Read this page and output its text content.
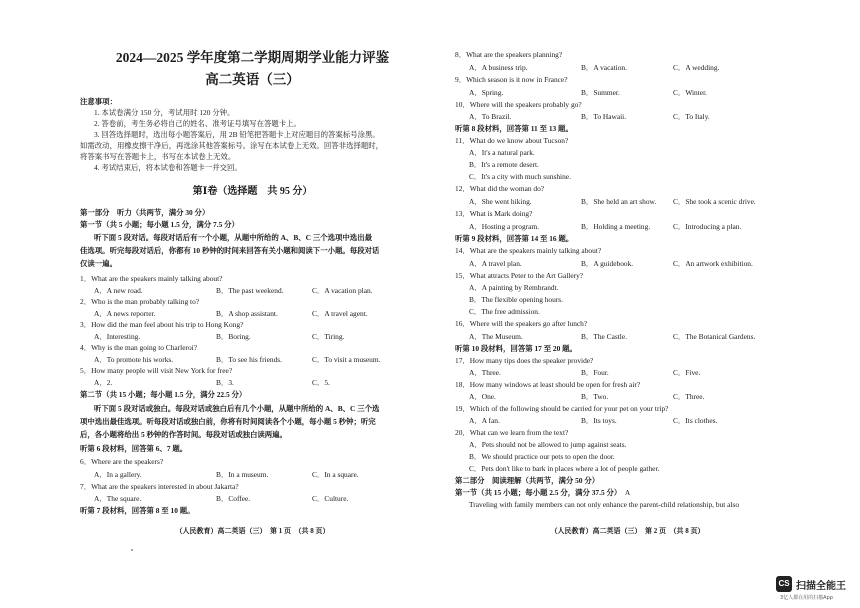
2024—2025 学年度第二学期周期学业能力评鉴
高二英语（三）
注意事项：
1. 本试卷满分 150 分，考试用时 120 分钟。
2. 答卷前，考生务必将自己的姓名、准考证号填写在答题卡上。
3. 回答选择题时，选出每小题答案后，用 2B 铅笔把答题卡上对应题目的答案标号涂黑。
如需改动，用橡皮擦干净后，再选涂其他答案标号。涂写在本试卷上无效。回答非选择题时，
将答案书写在答题卡上，书写在本试卷上无效。
4. 考试结束后，将本试卷和答题卡一并交回。
第Ⅰ卷（选择题　共 95 分）
第一部分　听力（共两节，满分 30 分）
第一节（共 5 小题；每小题 1.5 分，满分 7.5 分）
听下面 5 段对话。每段对话后有一个小题，从题中所给的 A、B、C 三个选项中选出最
佳选项。听完每段对话后，你都有 10 秒钟的时间来回答有关小题和阅读下一小题。每段对话
仅读一遍。
1．What are the speakers mainly talking about?
A．A new road.	B．The past weekend.	C．A vacation plan.
2．Who is the man probably talking to?
A．A news reporter.	B．A shop assistant.	C．A travel agent.
3．How did the man feel about his trip to Hong Kong?
A．Interesting.	B．Boring.	C．Tiring.
4．Why is the man going to Charleroi?
A．To promote his works.	B．To see his friends.	C．To visit a museum.
5．How many people will visit New York for free?
A．2.	B．3.	C．5.
第二节（共 15 小题；每小题 1.5 分，满分 22.5 分）
听下面 5 段对话或独白。每段对话或独白后有几个小题，从题中所给的 A、B、C 三个选
项中选出最佳选项。听每段对话或独白前，你将有时间阅读各个小题，每小题 5 秒钟；听完
后，各小题将给出 5 秒钟的作答时间。每段对话或独白读两遍。
听第 6 段材料，回答第 6、7 题。
6．Where are the speakers?
A．In a gallery.	B．In a museum.	C．In a square.
7．What are the speakers interested in about Jakarta?
A．The square.	B．Coffee.	C．Culture.
听第 7 段材料，回答第 8 至 10 题。
（人民教育）高二英语（三）　第 1 页　（共 8 页）
8．What are the speakers planning?
A．A business trip.	B．A vacation.	C．A wedding.
9．Which season is it now in France?
A．Spring.	B．Summer.	C．Winter.
10．Where will the speakers probably go?
A．To Brazil.	B．To Hawaii.	C．To Italy.
听第 8 段材料，回答第 11 至 13 题。
11．What do we know about Tucson?
A．It's a natural park.
B．It's a remote desert.
C．It's a city with much sunshine.
12．What did the woman do?
A．She went hiking.	B．She held an art show. C．She took a scenic drive.
13．What is Mark doing?
A．Hosting a program.	B．Holding a meeting.	C．Introducing a plan.
听第 9 段材料，回答第 14 至 16 题。
14．What are the speakers mainly talking about?
A．A travel plan.	B．A guidebook.	C．An artwork exhibition.
15．What attracts Peter to the Art Gallery?
A．A painting by Rembrandt.
B．The flexible opening hours.
C．The free admission.
16．Where will the speakers go after lunch?
A．The Museum.	B．The Castle.	C．The Botanical Gardens.
听第 10 段材料，回答第 17 至 20 题。
17．How many tips does the speaker provide?
A．Three.	B．Four.	C．Five.
18．How many windows at least should be open for fresh air?
A．One.	B．Two.	C．Three.
19．Which of the following should be carried for your pet on your trip?
A．A fan.	B．Its toys.	C．Its clothes.
20．What can we learn from the text?
A．Pets should not be allowed to jump against seats.
B．We should practice our pets to open the door.
C．Pets don't like to bark in places where a lot of people gather.
第二部分　阅读理解（共两节，满分 50 分）
第一节（共 15 小题；每小题 2.5 分，满分 37.5 分） A
Traveling with family members can not only enhance the parent-child relationship, but also
（人民教育）高二英语（三）　第 2 页　（共 8 页）
CS 扫描全能王
3亿人都在用的扫描App
